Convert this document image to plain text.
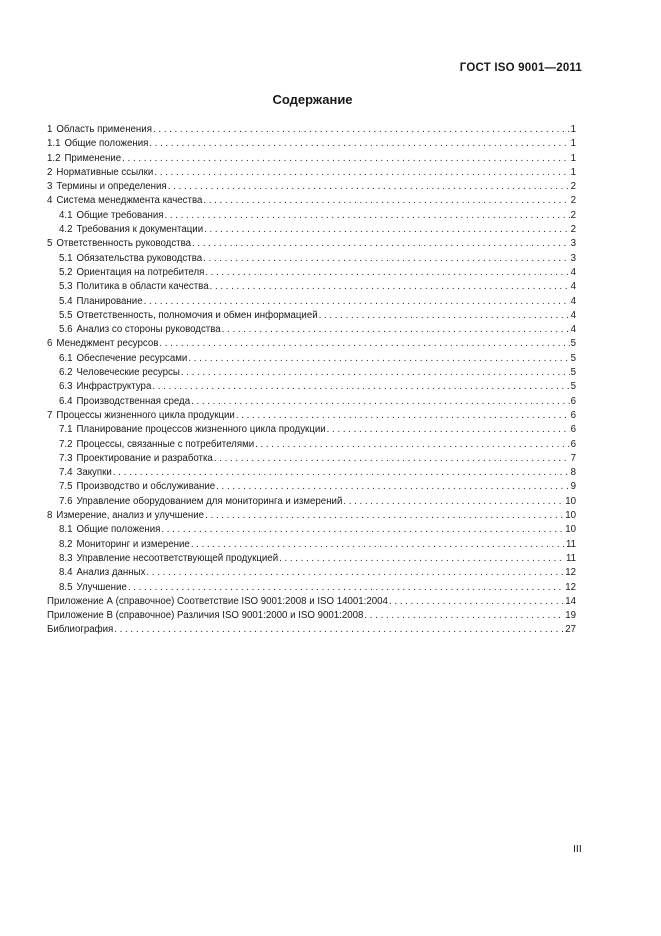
ГОСТ ISO 9001—2011
Содержание
1 Область применения . . .	1
1.1 Общие положения . . .	1
1.2 Применение . . .	1
2 Нормативные ссылки . . .	1
3 Термины и определения . . .	2
4 Система менеджмента качества . . .	2
4.1 Общие требования . . .	2
4.2 Требования к документации . . .	2
5 Ответственность руководства . . .	3
5.1 Обязательства руководства . . .	3
5.2 Ориентация на потребителя . . .	4
5.3 Политика в области качества . . .	4
5.4 Планирование . . .	4
5.5 Ответственность, полномочия и обмен информацией . . .	4
5.6 Анализ со стороны руководства . . .	4
6 Менеджмент ресурсов . . .	5
6.1 Обеспечение ресурсами . . .	5
6.2 Человеческие ресурсы . . .	5
6.3 Инфраструктура . . .	5
6.4 Производственная среда . . .	6
7 Процессы жизненного цикла продукции . . .	6
7.1 Планирование процессов жизненного цикла продукции . . .	6
7.2 Процессы, связанные с потребителями . . .	6
7.3 Проектирование и разработка . . .	7
7.4 Закупки . . .	8
7.5 Производство и обслуживание . . .	9
7.6 Управление оборудованием для мониторинга и измерений . . .	10
8 Измерение, анализ и улучшение . . .	10
8.1 Общие положения . . .	10
8.2 Мониторинг и измерение . . .	11
8.3 Управление несоответствующей продукцией . . .	11
8.4 Анализ данных . . .	12
8.5 Улучшение . . .	12
Приложение А (справочное) Соответствие ISO 9001:2008 и ISO 14001:2004 . . .	14
Приложение В (справочное) Различия ISO 9001:2000 и ISO 9001:2008 . . .	19
Библиография . . .	27
III
